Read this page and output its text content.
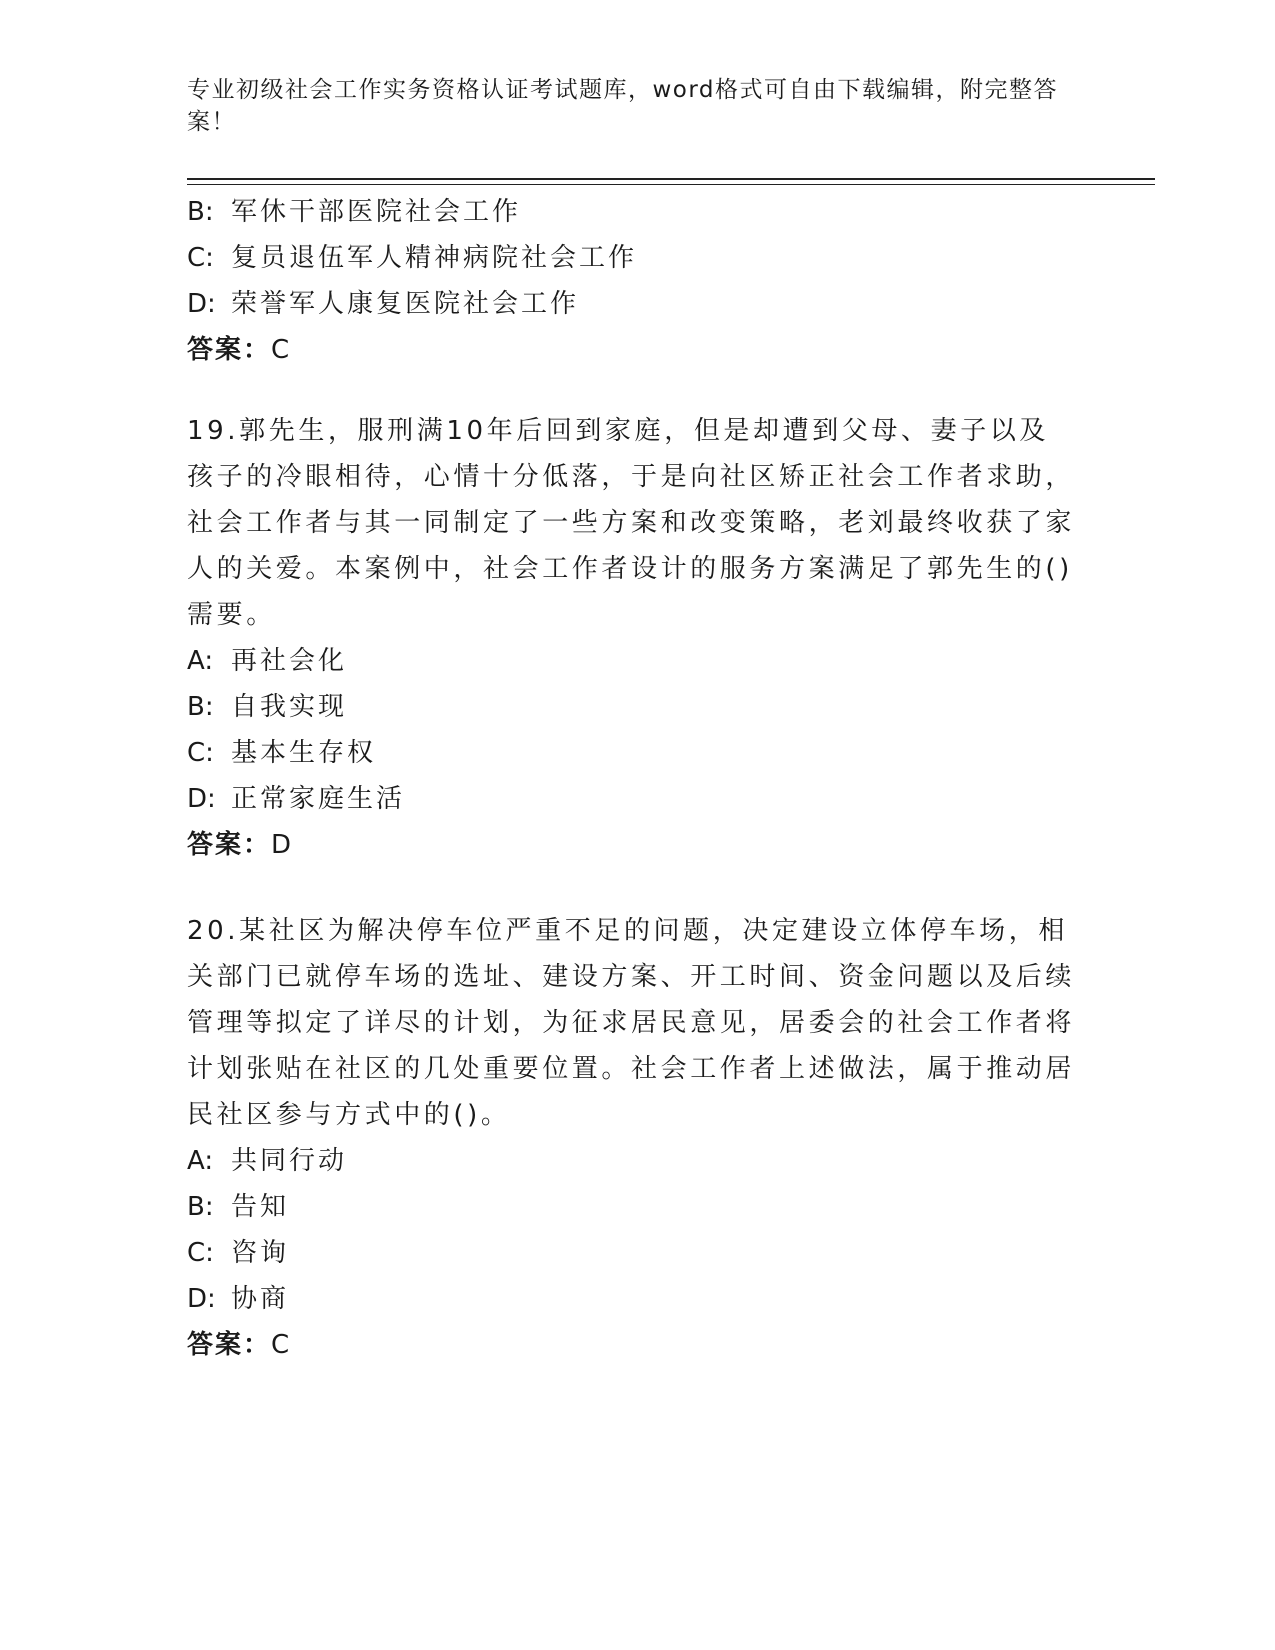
专业初级社会工作实务资格认证考试题库，word格式可自由下载编辑，附完整答案！
B: 军休干部医院社会工作
C: 复员退伍军人精神病院社会工作
D: 荣誉军人康复医院社会工作
答案：C
19.郭先生，服刑满10年后回到家庭，但是却遭到父母、妻子以及孩子的冷眼相待，心情十分低落，于是向社区矫正社会工作者求助，社会工作者与其一同制定了一些方案和改变策略，老刘最终收获了家人的关爱。本案例中，社会工作者设计的服务方案满足了郭先生的()需要。
A: 再社会化
B: 自我实现
C: 基本生存权
D: 正常家庭生活
答案：D
20.某社区为解决停车位严重不足的问题，决定建设立体停车场，相关部门已就停车场的选址、建设方案、开工时间、资金问题以及后续管理等拟定了详尽的计划，为征求居民意见，居委会的社会工作者将计划张贴在社区的几处重要位置。社会工作者上述做法，属于推动居民社区参与方式中的()。
A: 共同行动
B: 告知
C: 咨询
D: 协商
答案：C
